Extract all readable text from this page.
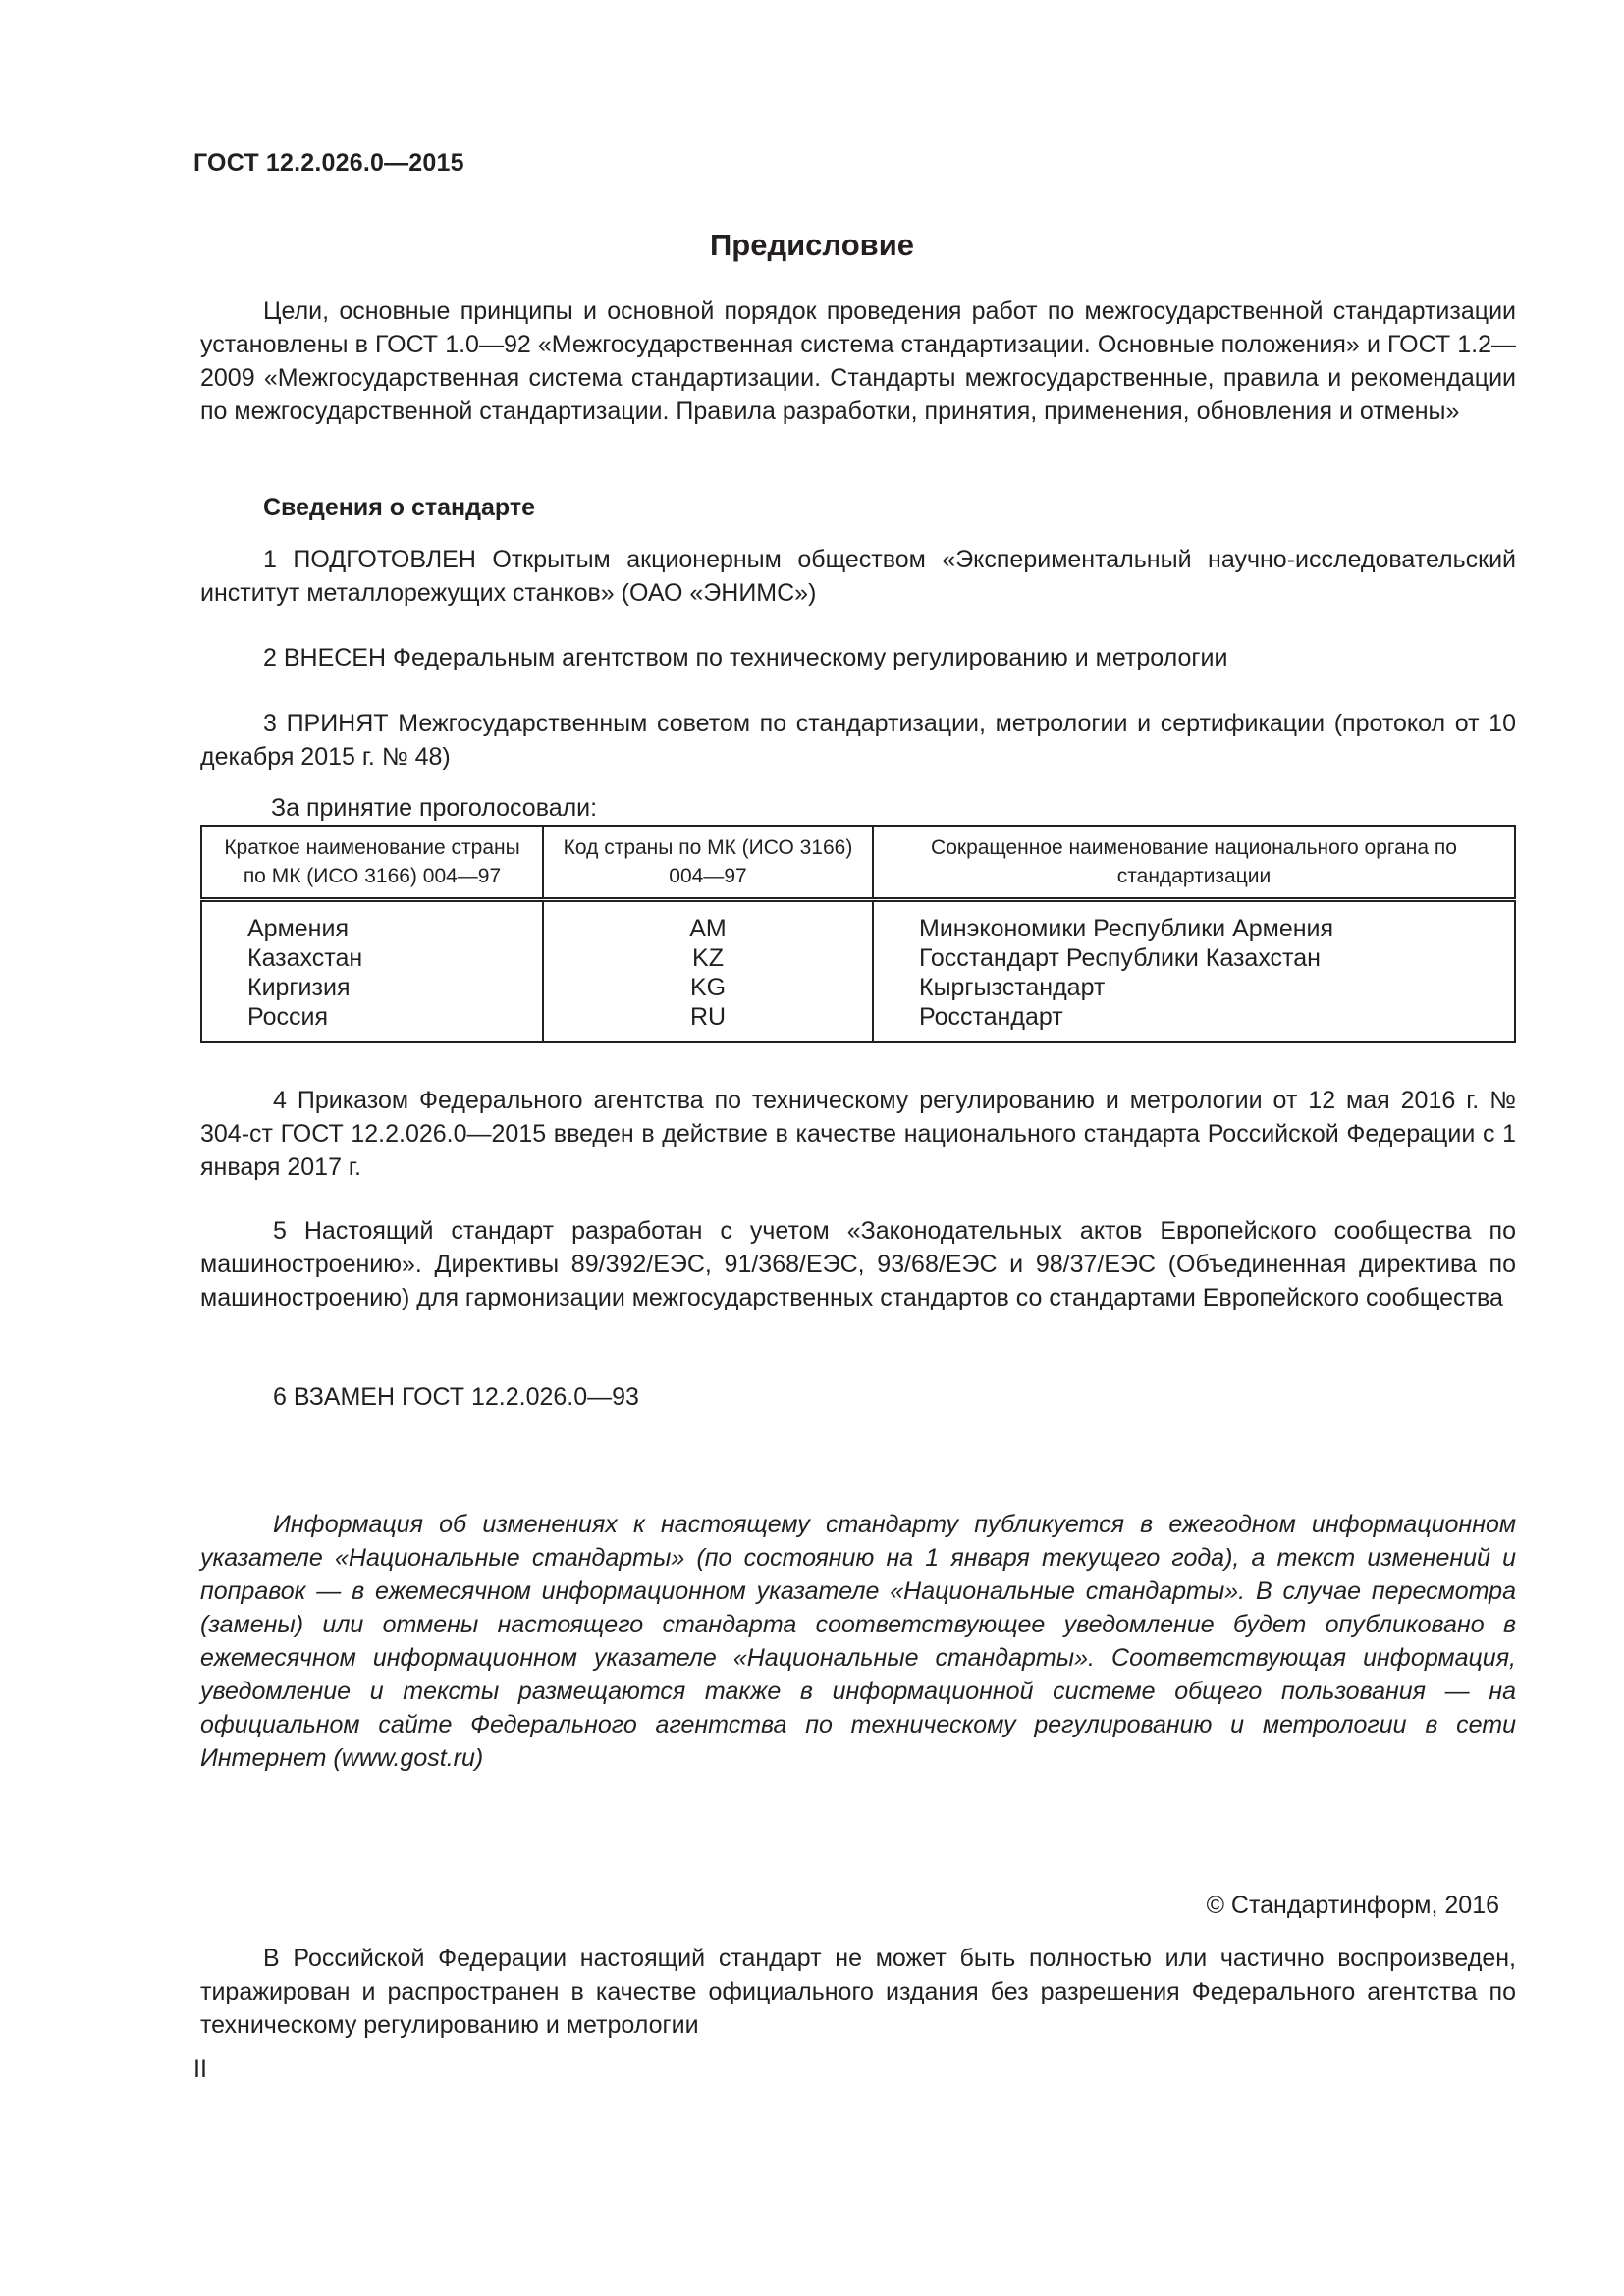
ГОСТ 12.2.026.0—2015
Предисловие
Цели, основные принципы и основной порядок проведения работ по межгосударственной стандартизации установлены в ГОСТ 1.0—92 «Межгосударственная система стандартизации. Основные положения» и ГОСТ 1.2—2009 «Межгосударственная система стандартизации. Стандарты межгосударственные, правила и рекомендации по межгосударственной стандартизации. Правила разработки, принятия, применения, обновления и отмены»
Сведения о стандарте
1 ПОДГОТОВЛЕН Открытым акционерным обществом «Экспериментальный научно-исследовательский институт металлорежущих станков» (ОАО «ЭНИМС»)
2 ВНЕСЕН Федеральным агентством по техническому регулированию и метрологии
3 ПРИНЯТ Межгосударственным советом по стандартизации, метрологии и сертификации (протокол от 10 декабря 2015 г. № 48)
За принятие проголосовали:
Краткое наименование страны по МК (ИСО 3166) 004—97	Код страны по МК (ИСО 3166) 004—97	Сокращенное наименование национального органа по стандартизации
Армения	AM	Минэкономики Республики Армения
Казахстан	KZ	Госстандарт Республики Казахстан
Киргизия	KG	Кыргызстандарт
Россия	RU	Росстандарт
4 Приказом Федерального агентства по техническому регулированию и метрологии от 12 мая 2016 г. № 304-ст ГОСТ 12.2.026.0—2015 введен в действие в качестве национального стандарта Российской Федерации с 1 января 2017 г.
5 Настоящий стандарт разработан с учетом «Законодательных актов Европейского сообщества по машиностроению». Директивы 89/392/ЕЭС, 91/368/ЕЭС, 93/68/ЕЭС и 98/37/ЕЭС (Объединенная директива по машиностроению) для гармонизации межгосударственных стандартов со стандартами Европейского сообщества
6 ВЗАМЕН ГОСТ 12.2.026.0—93
Информация об изменениях к настоящему стандарту публикуется в ежегодном информационном указателе «Национальные стандарты» (по состоянию на 1 января текущего года), а текст изменений и поправок — в ежемесячном информационном указателе «Национальные стандарты». В случае пересмотра (замены) или отмены настоящего стандарта соответствующее уведомление будет опубликовано в ежемесячном информационном указателе «Национальные стандарты». Соответствующая информация, уведомление и тексты размещаются также в информационной системе общего пользования — на официальном сайте Федерального агентства по техническому регулированию и метрологии в сети Интернет (www.gost.ru)
© Стандартинформ, 2016
В Российской Федерации настоящий стандарт не может быть полностью или частично воспроизведен, тиражирован и распространен в качестве официального издания без разрешения Федерального агентства по техническому регулированию и метрологии
II
